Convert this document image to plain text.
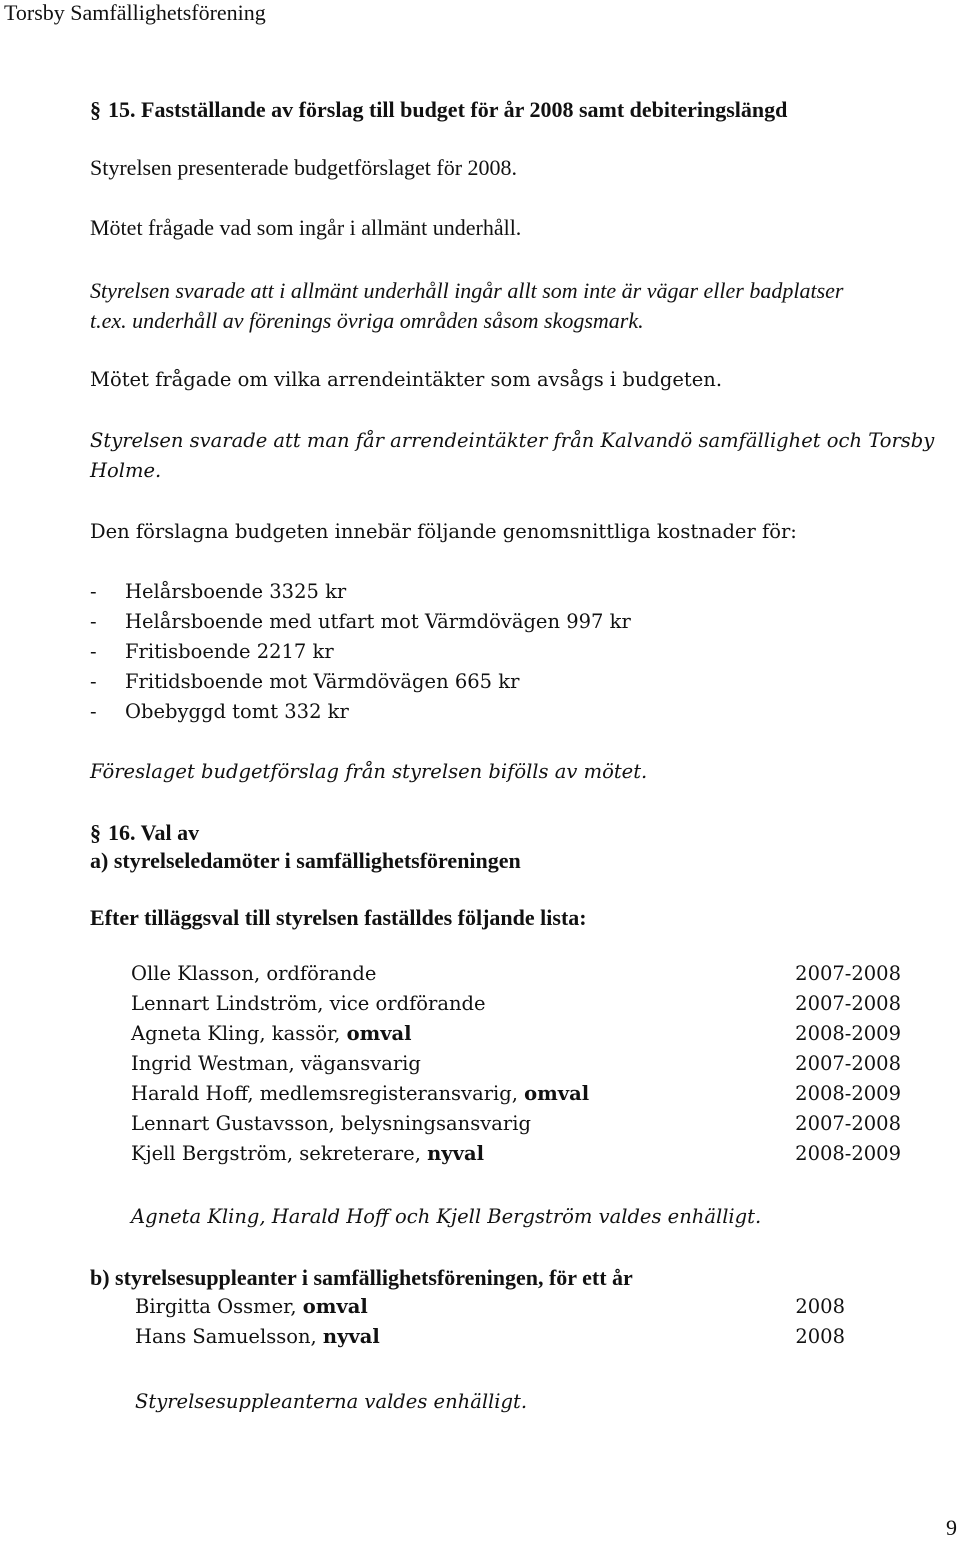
Torsby Samfällighetsförening
§ 15. Fastställande av förslag till budget för år 2008 samt debiteringslängd
Styrelsen presenterade budgetförslaget för 2008.
Mötet frågade vad som ingår i allmänt underhåll.
Styrelsen svarade att i allmänt underhåll ingår allt som inte är vägar eller badplatser
t.ex. underhåll av förenings övriga områden såsom skogsmark.
Mötet frågade om vilka arrendeintäkter som avsågs i budgeten.
Styrelsen svarade att man får arrendeintäkter från Kalvandö samfällighet och Torsby
Holme.
Den förslagna budgeten innebär följande genomsnittliga kostnader för:
- Helårsboende 3325 kr
- Helårsboende med utfart mot Värmdövägen 997 kr
- Fritisboende 2217 kr
- Fritidsboende mot Värmdövägen 665 kr
- Obebyggd tomt 332 kr
Föreslaget budgetförslag från styrelsen bifölls av mötet.
§ 16. Val av
a) styrelseledamöter i samfällighetsföreningen
Efter tilläggsval till styrelsen faställdes följande lista:
Olle Klasson, ordförande	2007-2008
Lennart Lindström, vice ordförande	2007-2008
Agneta Kling, kassör, omval	2008-2009
Ingrid Westman, vägansvarig	2007-2008
Harald Hoff, medlemsregisteransvarig, omval	2008-2009
Lennart Gustavsson, belysningsansvarig	2007-2008
Kjell Bergström, sekreterare, nyval	2008-2009
Agneta Kling, Harald Hoff och Kjell Bergström valdes enhälligt.
b) styrelsesuppleanter i samfällighetsföreningen, för ett år
Birgitta Ossmer, omval	2008
Hans Samuelsson, nyval	2008
Styrelsesuppleanterna valdes enhälligt.
9
